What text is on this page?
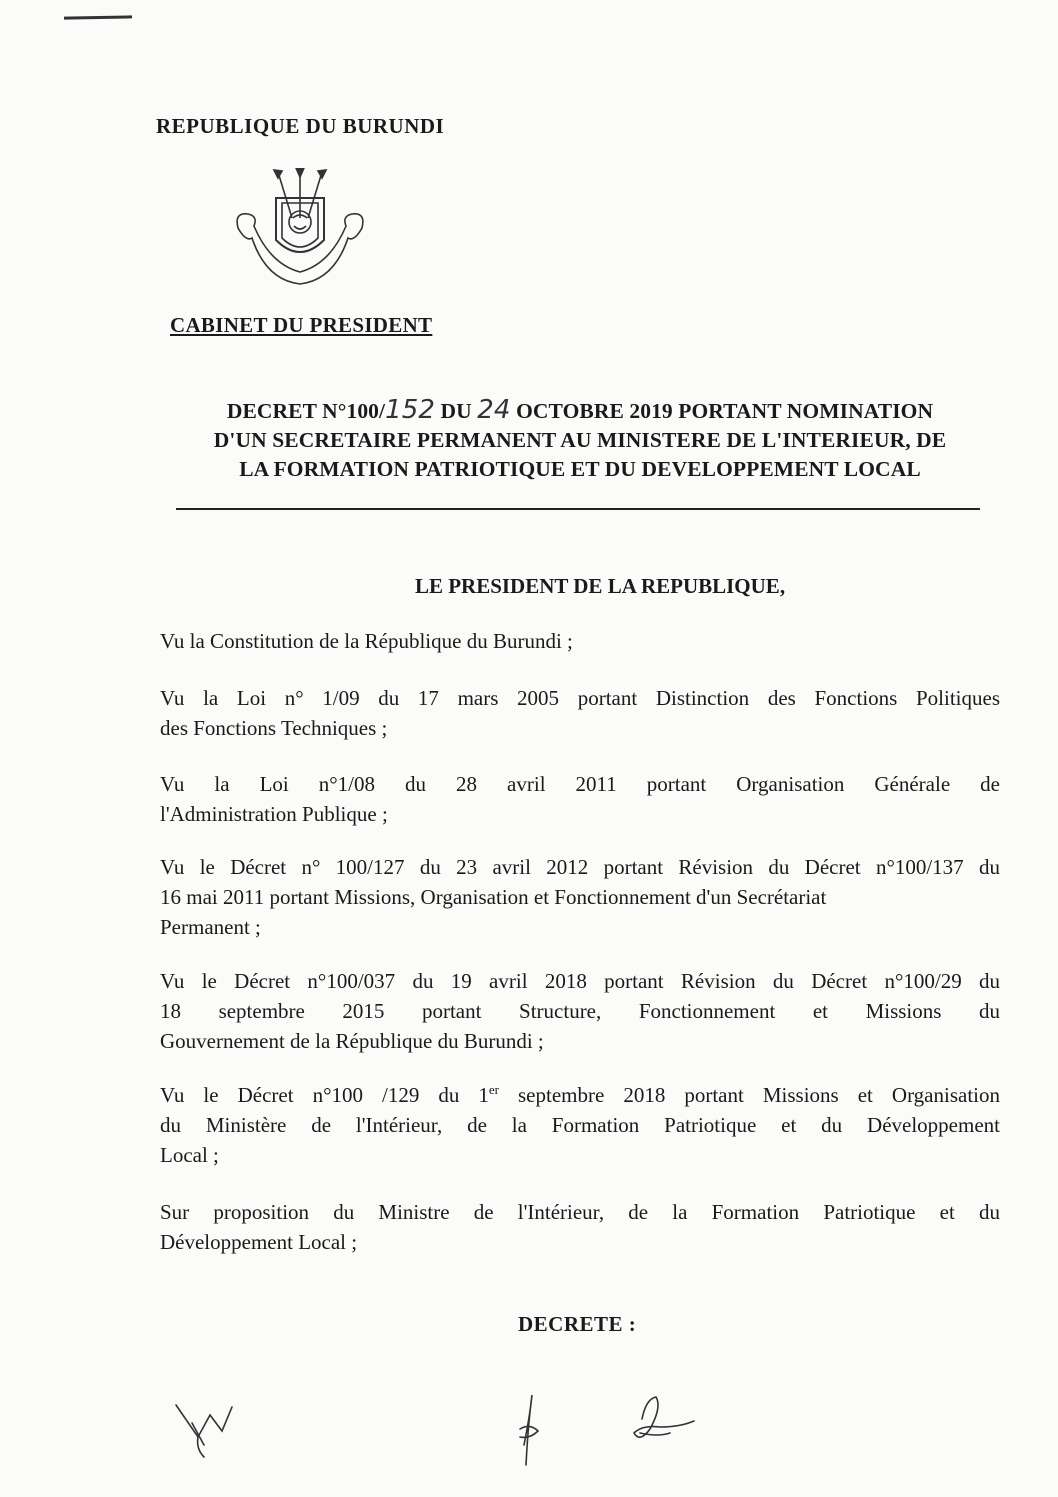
REPUBLIQUE DU BURUNDI
CABINET DU PRESIDENT
DECRET N°100/152 DU 24 OCTOBRE 2019 PORTANT NOMINATION
D'UN SECRETAIRE PERMANENT AU MINISTERE DE L'INTERIEUR, DE
LA FORMATION PATRIOTIQUE ET DU DEVELOPPEMENT LOCAL
LE PRESIDENT DE LA REPUBLIQUE,

Vu la Constitution de la République du Burundi ;

Vu la Loi n° 1/09 du 17 mars 2005 portant Distinction des Fonctions Politiques

des Fonctions Techniques ;

Vu la Loi n°1/08 du 28 avril 2011 portant Organisation Générale de

l'Administration Publique ;

Vu le Décret n° 100/127 du 23 avril 2012 portant Révision du Décret n°100/137 du

16 mai 2011 portant Missions, Organisation et Fonctionnement d'un Secrétariat

Permanent ;

Vu le Décret n°100/037 du 19 avril 2018 portant Révision du Décret n°100/29 du

18 septembre 2015 portant Structure, Fonctionnement et Missions du

Gouvernement de la République du Burundi ;

Vu le Décret n°100 /129 du 1er septembre 2018 portant Missions et Organisation

du Ministère de l'Intérieur, de la Formation Patriotique et du Développement

Local ;

Sur proposition du Ministre de l'Intérieur, de la Formation Patriotique et du

Développement Local ;

DECRETE :
